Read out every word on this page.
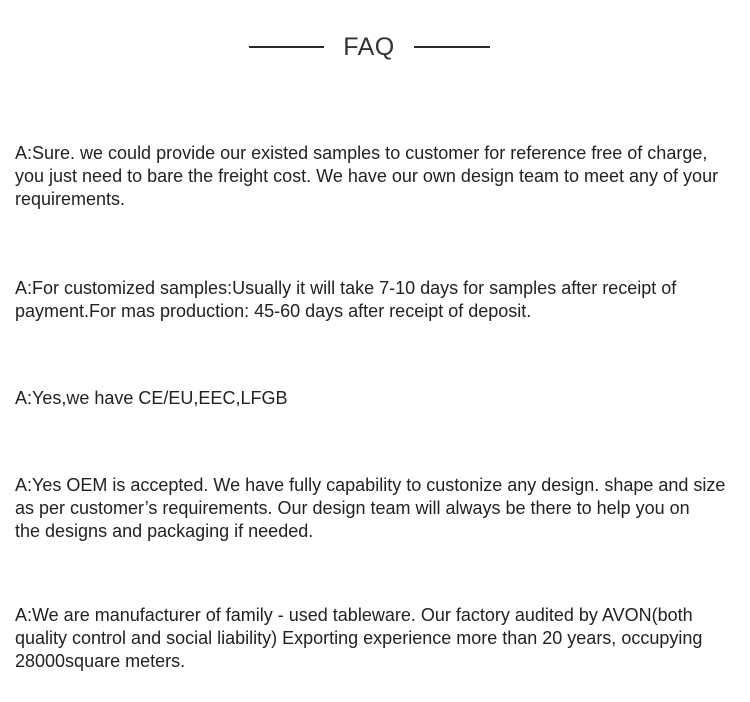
FAQ
Q1:Can I get a sample?
A:Sure. we could provide our existed samples to customer for reference free of charge,
you just need to bare the freight cost. We have our own design team to meet any of your
requirements.
Q2:What is your delivery time?
A:For customized samples:Usually it will take 7-10 days for samples after receipt of
payment.For mas production: 45-60 days after receipt of deposit.
Q3:Do you have certifications for the productions?
A:Yes,we have CE/EU,EEC,LFGB
Q4:Can you accept OEN and ODM?
A:Yes OEM is accepted. We have fully capability to custonize any design. shape and size
as per customer’s requirements. Our design team will always be there to help you on
the designs and packaging if needed.
Q5:Manufacturer or Trade Company?
A:We are manufacturer of family - used tableware. Our factory audited by AVON(both
quality control and social liability) Exporting experience more than 20 years, occupying
28000square meters.
